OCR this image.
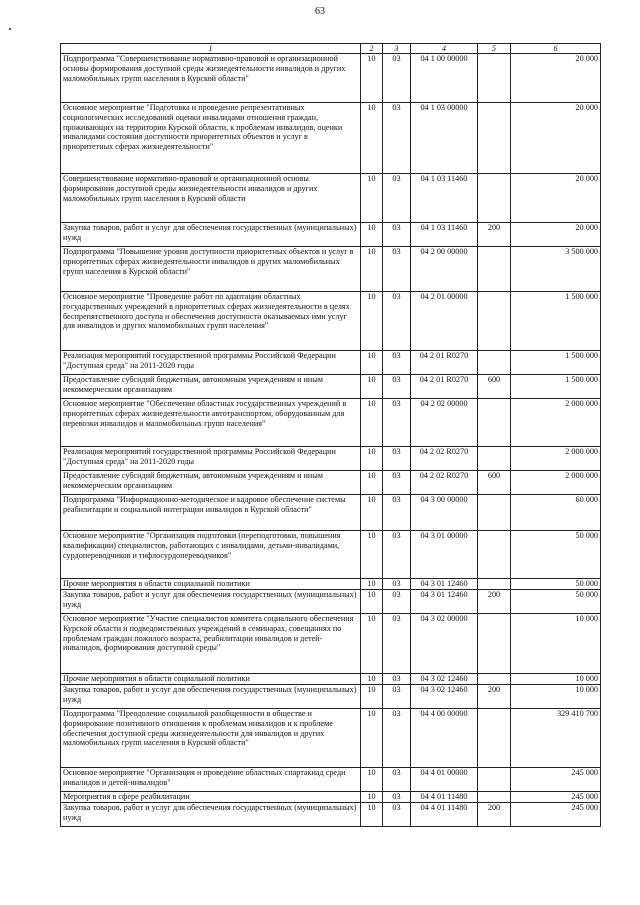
63
1	2	3	4	5	6
Подпрограмма "Совершенствование нормативно-правовой и организационной основы формирования доступной среды жизнедеятельности инвалидов и других маломобильных групп населения в Курской области"	10	03	04 1 00 00000		20 000
Основное мероприятие "Подготовка и проведение репрезентативных социологических исследований оценки инвалидами отношения граждан, проживающих на территории Курской области, к проблемам инвалидов, оценки инвалидами состояния доступности приоритетных объектов и услуг в приоритетных сферах жизнедеятельности"	10	03	04 1 03 00000		20 000
Совершенствование нормативно-правовой и организационной основы формирования доступной среды жизнедеятельности инвалидов и других маломобильных групп населения в Курской области	10	03	04 1 03 11460		20 000
Закупка товаров, работ и услуг для обеспечения государственных (муниципальных) нужд	10	03	04 1 03 11460	200	20 000
Подпрограмма "Повышение уровня доступности приоритетных объектов и услуг в приоритетных сферах жизнедеятельности инвалидов и других маломобильных групп населения в Курской области"	10	03	04 2 00 00000		3 500 000
Основное мероприятие "Проведение работ по адаптации областных государственных учреждений в приоритетных сферах жизнедеятельности в целях беспрепятственного доступа и обеспечения доступности оказываемых ими услуг для инвалидов и других маломобильных групп населения"	10	03	04 2 01 00000		1 500 000
Реализация мероприятий государственной программы Российской Федерации "Доступная среда" на 2011-2020 годы	10	03	04 2 01 R0270		1 500 000
Предоставление субсидий бюджетным, автономным учреждениям и иным некоммерческим организациям	10	03	04 2 01 R0270	600	1 500 000
Основное мероприятие "Обеспечение областных государственных учреждений в приоритетных сферах жизнедеятельности автотранспортом, оборудованным для перевозки инвалидов и маломобильных групп населения"	10	03	04 2 02 00000		2 000 000
Реализация мероприятий государственной программы Российской Федерации "Доступная среда" на 2011-2020 годы	10	03	04 2 02 R0270		2 000 000
Предоставление субсидий бюджетным, автономным учреждениям и иным некоммерческим организациям	10	03	04 2 02 R0270	600	2 000 000
Подпрограмма "Информационно-методическое и кадровое обеспечение системы реабилитации и социальной интеграции инвалидов в Курской области"	10	03	04 3 00 00000		60 000
Основное мероприятие "Организация подготовки (переподготовки, повышения квалификации) специалистов, работающих с инвалидами, детьми-инвалидами, сурдопереводчиков и тифлосурдопереводчиков"	10	03	04 3 01 00000		50 000
Прочие мероприятия в области социальной политики	10	03	04 3 01 12460		50 000
Закупка товаров, работ и услуг для обеспечения государственных (муниципальных) нужд	10	03	04 3 01 12460	200	50 000
Основное мероприятие "Участие специалистов комитета социального обеспечения Курской области и подведомственных учреждений в семинарах, совещаниях по проблемам граждан пожилого возраста, реабилитации инвалидов и детей-инвалидов, формирования доступной среды"	10	03	04 3 02 00000		10 000
Прочие мероприятия в области социальной политики	10	03	04 3 02 12460		10 000
Закупка товаров, работ и услуг для обеспечения государственных (муниципальных) нужд	10	03	04 3 02 12460	200	10 000
Подпрограмма "Преодоление социальной разобщенности в обществе и формирование позитивного отношения к проблемам инвалидов и к проблеме обеспечения доступной среды жизнедеятельности для инвалидов и других маломобильных групп населения в Курской области"	10	03	04 4 00 00000		329 410 700
Основное мероприятие "Организация и проведение областных спартакиад среди инвалидов и детей-инвалидов"	10	03	04 4 01 00000		245 000
Мероприятия в сфере реабилитации	10	03	04 4 01 11480		245 000
Закупка товаров, работ и услуг для обеспечения государственных (муниципальных) нужд	10	03	04 4 01 11480	200	245 000
